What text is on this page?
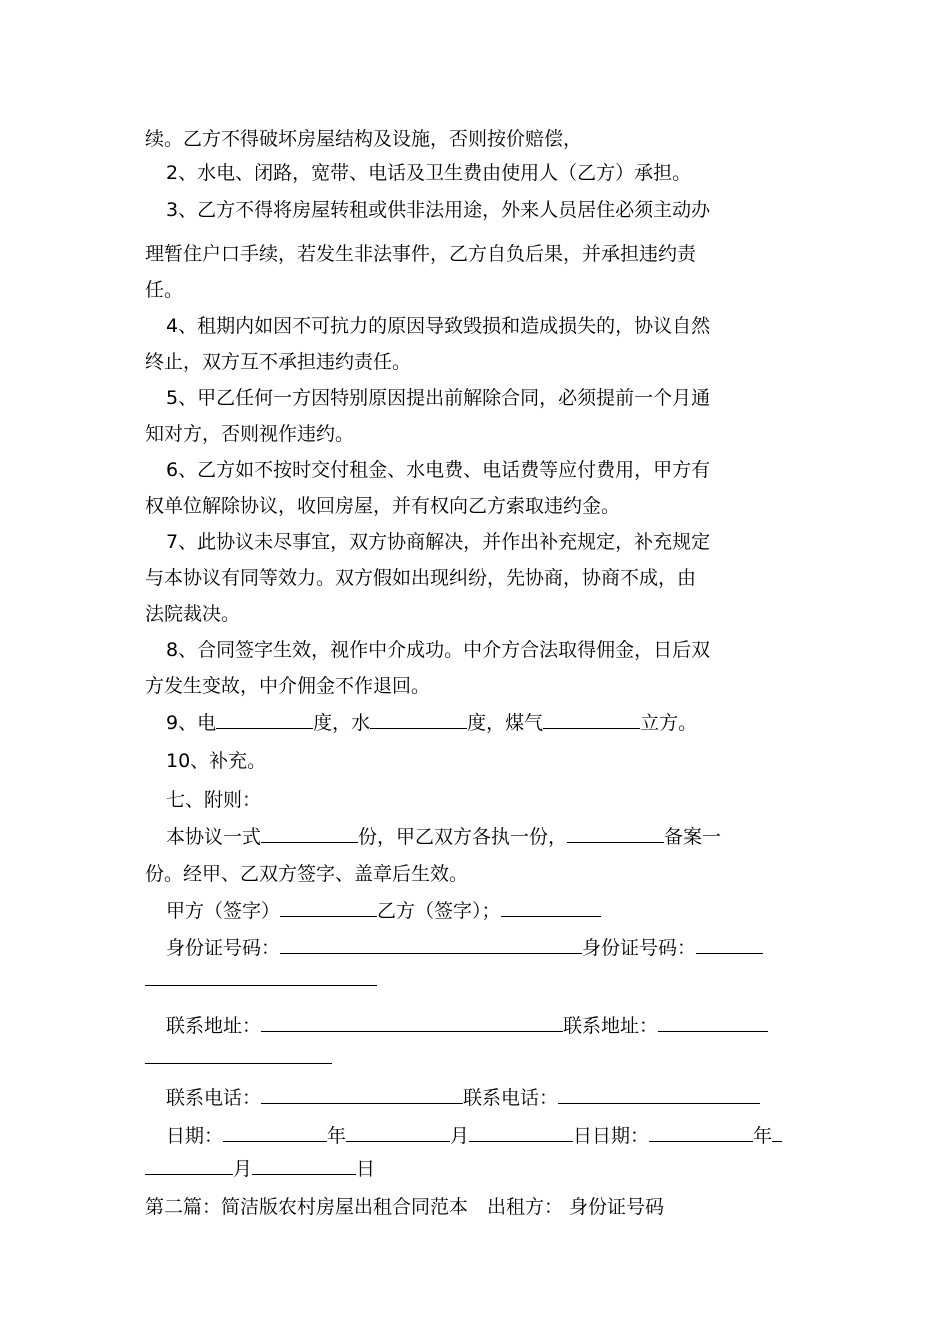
续。乙方不得破坏房屋结构及设施，否则按价赔偿，
2、水电、闭路，宽带、电话及卫生费由使用人（乙方）承担。
3、乙方不得将房屋转租或供非法用途，外来人员居住必须主动办
理暂住户口手续，若发生非法事件，乙方自负后果，并承担违约责
任。
4、租期内如因不可抗力的原因导致毁损和造成损失的，协议自然
终止，双方互不承担违约责任。
5、甲乙任何一方因特别原因提出前解除合同，必须提前一个月通
知对方，否则视作违约。
6、乙方如不按时交付租金、水电费、电话费等应付费用，甲方有
权单位解除协议，收回房屋，并有权向乙方索取违约金。
7、此协议未尽事宜，双方协商解决，并作出补充规定，补充规定
与本协议有同等效力。双方假如出现纠纷，先协商，协商不成，由
法院裁决。
8、合同签字生效，视作中介成功。中介方合法取得佣金，日后双
方发生变故，中介佣金不作退回。
9、电	度，水	度，煤气	立方。
10、补充。
七、附则：
本协议一式	份，甲乙双方各执一份，	备案一
份。经甲、乙双方签字、盖章后生效。
甲方（签字）	乙方（签字）；
身份证号码：	身份证号码：
联系地址：	联系地址：
联系电话：	联系电话：
日期：	年	月	日日期：	年
月	日
第二篇：简洁版农村房屋出租合同范本　出租方： 身份证号码
